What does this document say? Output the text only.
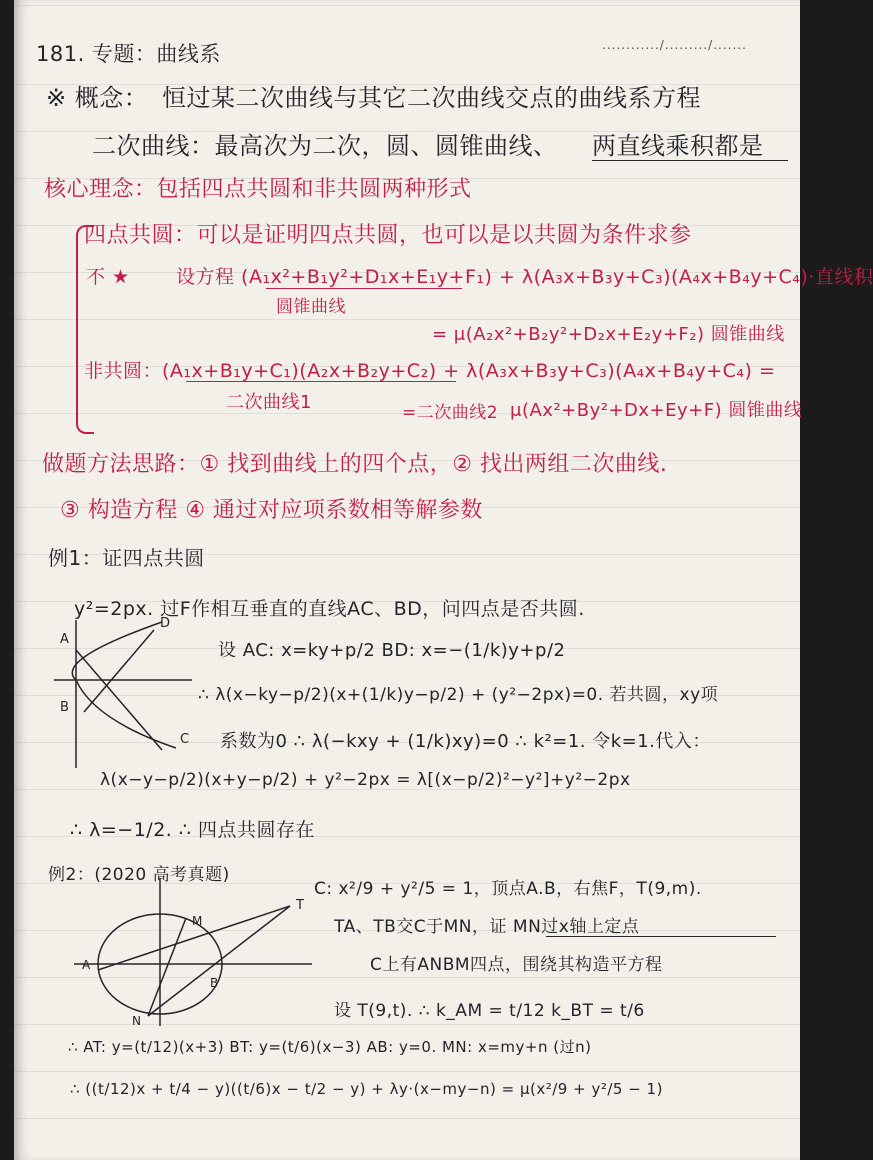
............/........./.......
181. 专题：曲线系
※ 概念： 恒过某二次曲线与其它二次曲线交点的曲线系方程
二次曲线：最高次为二次，圆、圆锥曲线、 两直线乘积都是
核心理念：包括四点共圆和非共圆两种形式
四点共圆：可以是证明四点共圆，也可以是以共圆为条件求参
不 ★ 设方程 (A₁x²+B₁y²+D₁x+E₁y+F₁) + λ(A₃x+B₃y+C₃)(A₄x+B₄y+C₄)·直线积
圆锥曲线
= μ(A₂x²+B₂y²+D₂x+E₂y+F₂) 圆锥曲线
非共圆：(A₁x+B₁y+C₁)(A₂x+B₂y+C₂) + λ(A₃x+B₃y+C₃)(A₄x+B₄y+C₄) =
二次曲线1	=二次曲线2 μ(Ax²+By²+Dx+Ey+F) 圆锥曲线
做题方法思路：① 找到曲线上的四个点，② 找出两组二次曲线.
③ 构造方程 ④ 通过对应项系数相等解参数
例1：证四点共圆
y²=2px. 过F作相互垂直的直线AC、BD，问四点是否共圆.
A
B
C
D
设 AC: x=ky+p/2 BD: x=−(1/k)y+p/2
∴ λ(x−ky−p/2)(x+(1/k)y−p/2) + (y²−2px)=0. 若共圆，xy项
系数为0 ∴ λ(−kxy + (1/k)xy)=0 ∴ k²=1. 令k=1.代入：
λ(x−y−p/2)(x+y−p/2) + y²−2px = λ[(x−p/2)²−y²]+y²−2px
∴ λ=−1/2. ∴ 四点共圆存在
例2：(2020 高考真题)
A
B
M
N
T
C: x²/9 + y²/5 = 1，顶点A.B，右焦F，T(9,m).
TA、TB交C于MN，证 MN过x轴上定点
C上有ANBM四点，围绕其构造平方程
设 T(9,t). ∴ k_AM = t/12 k_BT = t/6
∴ AT: y=(t/12)(x+3) BT: y=(t/6)(x−3) AB: y=0. MN: x=my+n (过n)
∴ ((t/12)x + t/4 − y)((t/6)x − t/2 − y) + λy·(x−my−n) = μ(x²/9 + y²/5 − 1)
